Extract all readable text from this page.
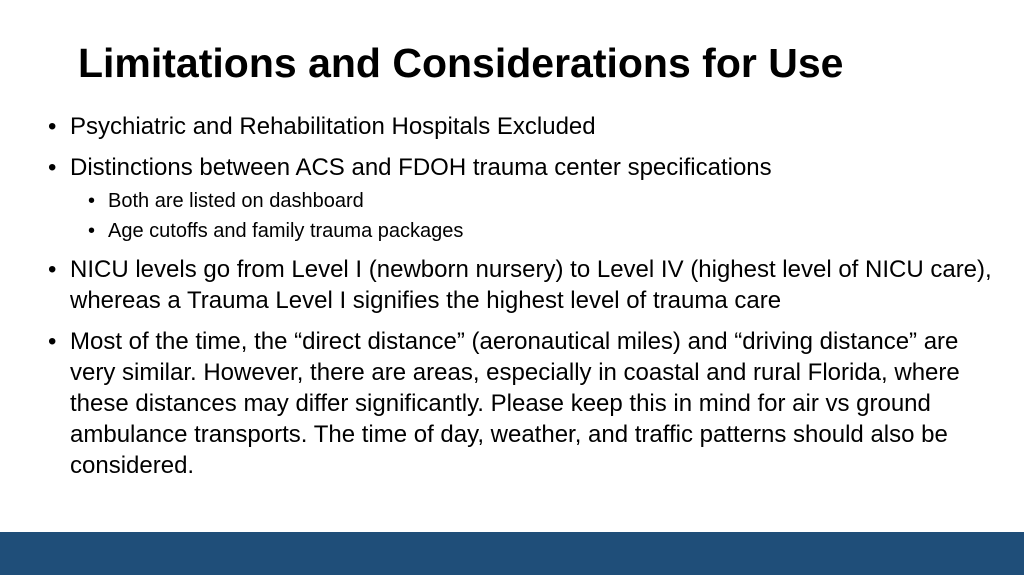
Limitations and Considerations for Use
• Psychiatric and Rehabilitation Hospitals Excluded
• Distinctions between ACS and FDOH trauma center specifications
• Both are listed on dashboard
• Age cutoffs and family trauma packages
• NICU levels go from Level I (newborn nursery) to Level IV (highest level of NICU care), whereas a Trauma Level I signifies the highest level of trauma care
• Most of the time, the “direct distance” (aeronautical miles) and “driving distance” are very similar. However, there are areas, especially in coastal and rural Florida, where these distances may differ significantly. Please keep this in mind for air vs ground ambulance transports. The time of day, weather, and traffic patterns should also be considered.
